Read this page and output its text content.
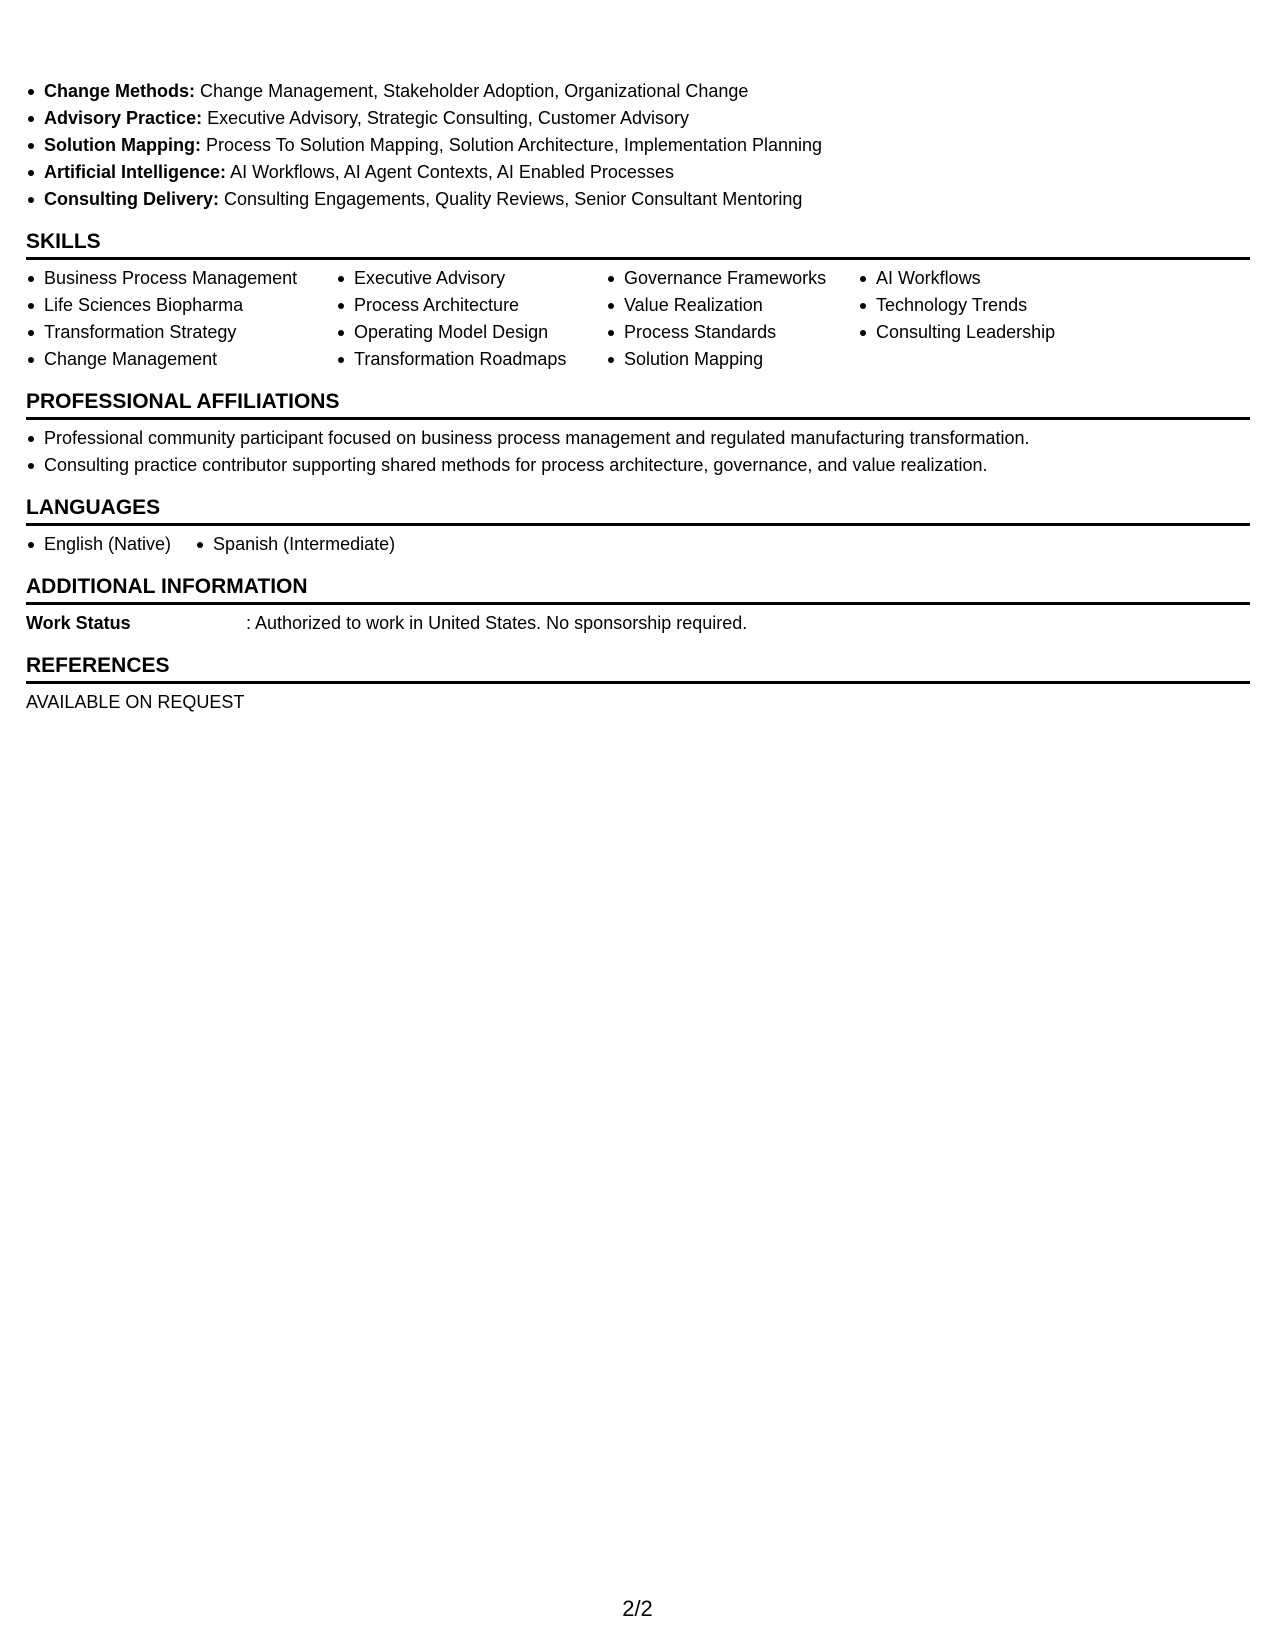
Change Methods: Change Management, Stakeholder Adoption, Organizational Change
Advisory Practice: Executive Advisory, Strategic Consulting, Customer Advisory
Solution Mapping: Process To Solution Mapping, Solution Architecture, Implementation Planning
Artificial Intelligence: AI Workflows, AI Agent Contexts, AI Enabled Processes
Consulting Delivery: Consulting Engagements, Quality Reviews, Senior Consultant Mentoring
SKILLS
Business Process Management
Life Sciences Biopharma
Transformation Strategy
Change Management
Executive Advisory
Process Architecture
Operating Model Design
Transformation Roadmaps
Governance Frameworks
Value Realization
Process Standards
Solution Mapping
AI Workflows
Technology Trends
Consulting Leadership
PROFESSIONAL AFFILIATIONS
Professional community participant focused on business process management and regulated manufacturing transformation.
Consulting practice contributor supporting shared methods for process architecture, governance, and value realization.
LANGUAGES
English (Native)	Spanish (Intermediate)
ADDITIONAL INFORMATION
Work Status	: Authorized to work in United States. No sponsorship required.
REFERENCES
AVAILABLE ON REQUEST
2/2
